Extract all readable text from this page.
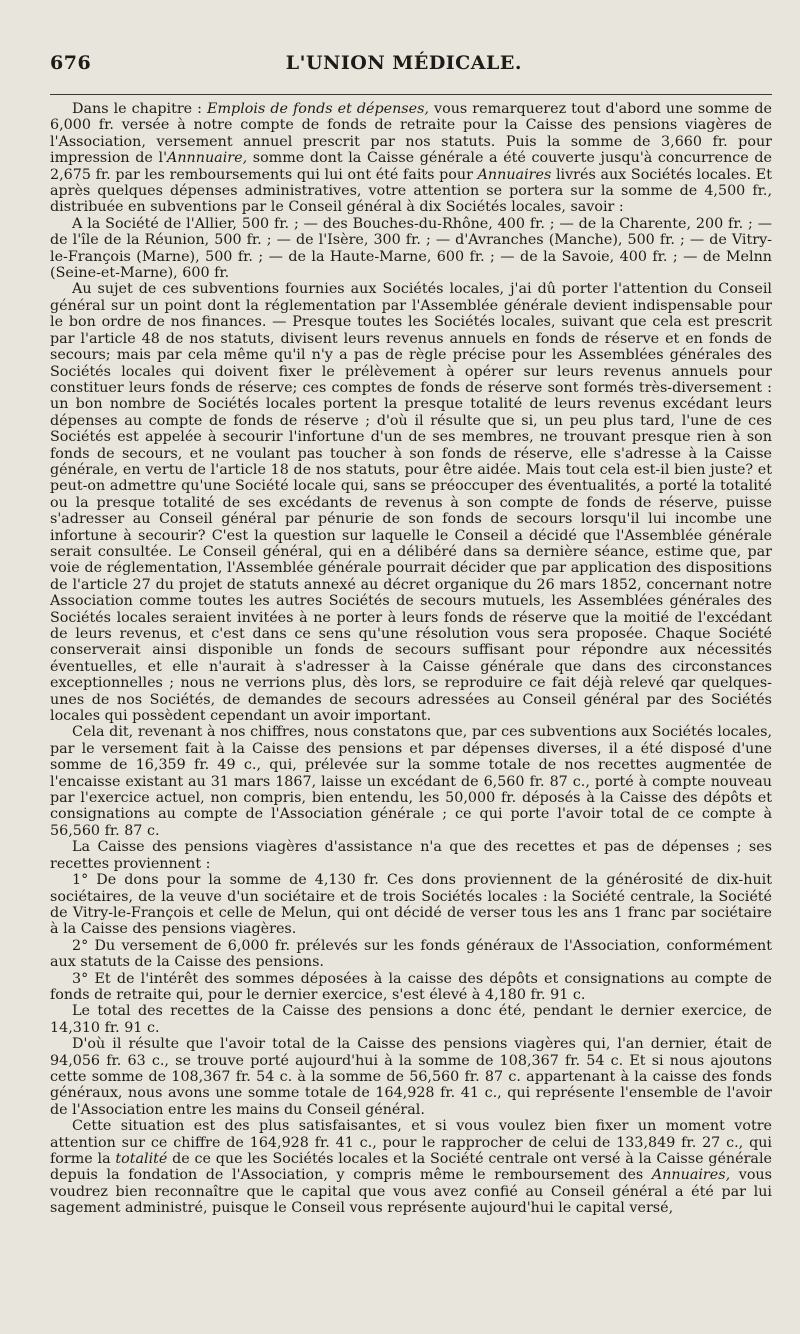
676	L'UNION MÉDICALE.

Dans le chapitre : Emplois de fonds et dépenses, vous remarquerez tout d'abord une somme de 6,000 fr. versée à notre compte de fonds de retraite pour la Caisse des pensions viagères de l'Association, versement annuel prescrit par nos statuts. Puis la somme de 3,660 fr. pour impression de l'Annnuaire, somme dont la Caisse générale a été couverte jusqu'à concurrence de 2,675 fr. par les remboursements qui lui ont été faits pour Annuaires livrés aux Sociétés locales. Et après quelques dépenses administratives, votre attention se portera sur la somme de 4,500 fr., distribuée en subventions par le Conseil général à dix Sociétés locales, savoir :

A la Société de l'Allier, 500 fr. ; — des Bouches-du-Rhône, 400 fr. ; — de la Charente, 200 fr. ; — de l'île de la Réunion, 500 fr. ; — de l'Isère, 300 fr. ; — d'Avranches (Manche), 500 fr. ; — de Vitry-le-François (Marne), 500 fr. ; — de la Haute-Marne, 600 fr. ; — de la Savoie, 400 fr. ; — de Melnn (Seine-et-Marne), 600 fr.

Au sujet de ces subventions fournies aux Sociétés locales, j'ai dû porter l'attention du Conseil général sur un point dont la réglementation par l'Assemblée générale devient indispensable pour le bon ordre de nos finances. — Presque toutes les Sociétés locales, suivant que cela est prescrit par l'article 48 de nos statuts, divisent leurs revenus annuels en fonds de réserve et en fonds de secours; mais par cela même qu'il n'y a pas de règle précise pour les Assemblées générales des Sociétés locales qui doivent fixer le prélèvement à opérer sur leurs revenus annuels pour constituer leurs fonds de réserve; ces comptes de fonds de réserve sont formés très-diversement : un bon nombre de Sociétés locales portent la presque totalité de leurs revenus excédant leurs dépenses au compte de fonds de réserve ; d'où il résulte que si, un peu plus tard, l'une de ces Sociétés est appelée à secourir l'infortune d'un de ses membres, ne trouvant presque rien à son fonds de secours, et ne voulant pas toucher à son fonds de réserve, elle s'adresse à la Caisse générale, en vertu de l'article 18 de nos statuts, pour être aidée. Mais tout cela est-il bien juste? et peut-on admettre qu'une Société locale qui, sans se préoccuper des éventualités, a porté la totalité ou la presque totalité de ses excédants de revenus à son compte de fonds de réserve, puisse s'adresser au Conseil général par pénurie de son fonds de secours lorsqu'il lui incombe une infortune à secourir? C'est la question sur laquelle le Conseil a décidé que l'Assemblée générale serait consultée. Le Conseil général, qui en a délibéré dans sa dernière séance, estime que, par voie de réglementation, l'Assemblée générale pourrait décider que par application des dispositions de l'article 27 du projet de statuts annexé au décret organique du 26 mars 1852, concernant notre Association comme toutes les autres Sociétés de secours mutuels, les Assemblées générales des Sociétés locales seraient invitées à ne porter à leurs fonds de réserve que la moitié de l'excédant de leurs revenus, et c'est dans ce sens qu'une résolution vous sera proposée. Chaque Société conserverait ainsi disponible un fonds de secours suffisant pour répondre aux nécessités éventuelles, et elle n'aurait à s'adresser à la Caisse générale que dans des circonstances exceptionnelles ; nous ne verrions plus, dès lors, se reproduire ce fait déjà relevé qar quelques-unes de nos Sociétés, de demandes de secours adressées au Conseil général par des Sociétés locales qui possèdent cependant un avoir important.

Cela dit, revenant à nos chiffres, nous constatons que, par ces subventions aux Sociétés locales, par le versement fait à la Caisse des pensions et par dépenses diverses, il a été disposé d'une somme de 16,359 fr. 49 c., qui, prélevée sur la somme totale de nos recettes augmentée de l'encaisse existant au 31 mars 1867, laisse un excédant de 6,560 fr. 87 c., porté à compte nouveau par l'exercice actuel, non compris, bien entendu, les 50,000 fr. déposés à la Caisse des dépôts et consignations au compte de l'Association générale ; ce qui porte l'avoir total de ce compte à 56,560 fr. 87 c.

La Caisse des pensions viagères d'assistance n'a que des recettes et pas de dépenses ; ses recettes proviennent :

1° De dons pour la somme de 4,130 fr. Ces dons proviennent de la générosité de dix-huit sociétaires, de la veuve d'un sociétaire et de trois Sociétés locales : la Société centrale, la Société de Vitry-le-François et celle de Melun, qui ont décidé de verser tous les ans 1 franc par sociétaire à la Caisse des pensions viagères.

2° Du versement de 6,000 fr. prélevés sur les fonds généraux de l'Association, conformément aux statuts de la Caisse des pensions.

3° Et de l'intérêt des sommes déposées à la caisse des dépôts et consignations au compte de fonds de retraite qui, pour le dernier exercice, s'est élevé à 4,180 fr. 91 c.

Le total des recettes de la Caisse des pensions a donc été, pendant le dernier exercice, de 14,310 fr. 91 c.

D'où il résulte que l'avoir total de la Caisse des pensions viagères qui, l'an dernier, était de 94,056 fr. 63 c., se trouve porté aujourd'hui à la somme de 108,367 fr. 54 c. Et si nous ajoutons cette somme de 108,367 fr. 54 c. à la somme de 56,560 fr. 87 c. appartenant à la caisse des fonds généraux, nous avons une somme totale de 164,928 fr. 41 c., qui représente l'ensemble de l'avoir de l'Association entre les mains du Conseil général.

Cette situation est des plus satisfaisantes, et si vous voulez bien fixer un moment votre attention sur ce chiffre de 164,928 fr. 41 c., pour le rapprocher de celui de 133,849 fr. 27 c., qui forme la totalité de ce que les Sociétés locales et la Société centrale ont versé à la Caisse générale depuis la fondation de l'Association, y compris même le remboursement des Annuaires, vous voudrez bien reconnaître que le capital que vous avez confié au Conseil général a été par lui sagement administré, puisque le Conseil vous représente aujourd'hui le capital versé,
